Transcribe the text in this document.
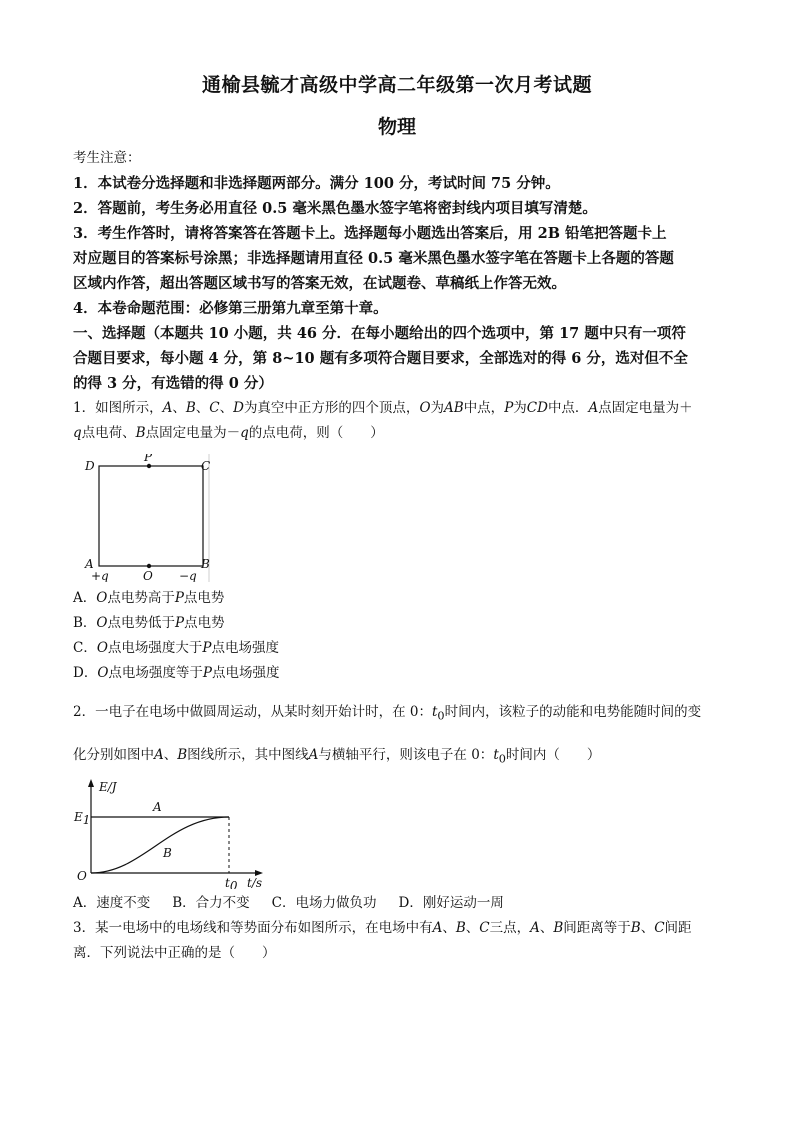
通榆县毓才高级中学高二年级第一次月考试题
物理

考生注意：

1．本试卷分选择题和非选择题两部分。满分 100 分，考试时间 75 分钟。

2．答题前，考生务必用直径 0.5 毫米黑色墨水签字笔将密封线内项目填写清楚。

3．考生作答时，请将答案答在答题卡上。选择题每小题选出答案后，用 2B 铅笔把答题卡上

对应题目的答案标号涂黑；非选择题请用直径 0.5 毫米黑色墨水签字笔在答题卡上各题的答题

区域内作答，超出答题区域书写的答案无效，在试题卷、草稿纸上作答无效。

4．本卷命题范围：必修第三册第九章至第十章。

一、选择题（本题共 10 小题，共 46 分．在每小题给出的四个选项中，第 17 题中只有一项符

合题目要求，每小题 4 分，第 8~10 题有多项符合题目要求，全部选对的得 6 分，选对但不全

的得 3 分，有选错的得 0 分）

1．如图所示，A、B、C、D为真空中正方形的四个顶点，O为AB中点，P为CD中点．A点固定电量为＋

q点电荷、B点固定电量为－q的点电荷，则（　　）

D
P
C
A	B
O
+q	−q

A．O点电势高于P点电势

B．O点电势低于P点电势

C．O点电场强度大于P点电场强度

D．O点电场强度等于P点电场强度

2．一电子在电场中做圆周运动，从某时刻开始计时，在 0：$t_0$时间内，该粒子的动能和电势能随时间的变

化分别如图中A、B图线所示，其中图线A与横轴平行，则该电子在 0：$t_0$时间内（　　）

E/J
E1
A
B
O	t0 t/s

A．速度不变 B．合力不变 C．电场力做负功 D．刚好运动一周

3．某一电场中的电场线和等势面分布如图所示，在电场中有A、B、C三点，A、B间距离等于B、C间距

离．下列说法中正确的是（　　）
